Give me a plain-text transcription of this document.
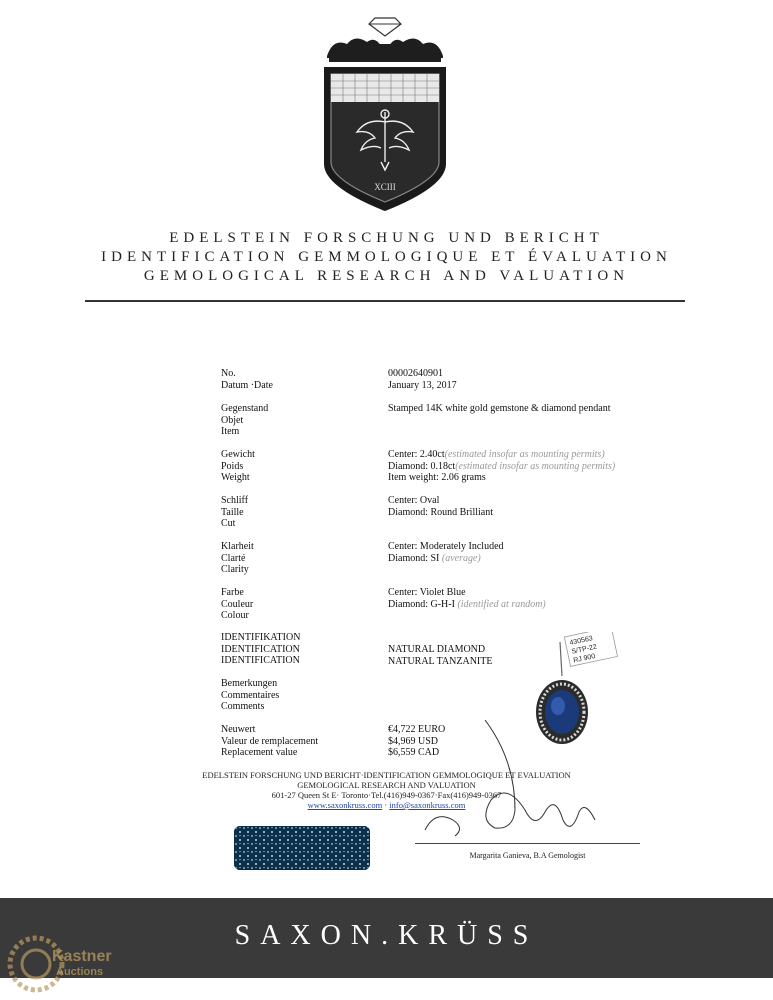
XCIII
EDELSTEIN FORSCHUNG UND BERICHT
IDENTIFICATION GEMMOLOGIQUE ET ÉVALUATION
GEMOLOGICAL RESEARCH AND VALUATION
No.
Datum ·Date
00002640901
January 13, 2017
Gegenstand
Objet
Item
Stamped 14K white gold gemstone & diamond pendant
Gewicht
Poids
Weight
Center: 2.40ct(estimated insofar as mounting permits)
Diamond: 0.18ct(estimated insofar as mounting permits)
Item weight: 2.06 grams
Schliff
Taille
Cut
Center: Oval
Diamond: Round Brilliant
Klarheit
Clarté
Clarity
Center: Moderately Included
Diamond: SI (average)
Farbe
Couleur
Colour
Center: Violet Blue
Diamond: G-H-I (identified at random)
IDENTIFIKATION
IDENTIFICATION
IDENTIFICATION
NATURAL DIAMOND
NATURAL TANZANITE
Bemerkungen
Commentaires
Comments
Neuwert
Valeur de remplacement
Replacement value
€4,722 EURO
$4,969 USD
$6,559 CAD
430563
S/TP-22
RJ 900
EDELSTEIN FORSCHUNG UND BERICHT·IDENTIFICATION GEMMOLOGIQUE ET EVALUATION
GEMOLOGICAL RESEARCH AND VALUATION
601-27 Queen St E· Toronto·Tel.(416)949-0367·Fax(416)949-0367
www.saxonkruss.com · info@saxonkruss.com
Margarita Ganieva, B.A Gemologist
SAXON.KRÜSS
Kastner
Auctions
